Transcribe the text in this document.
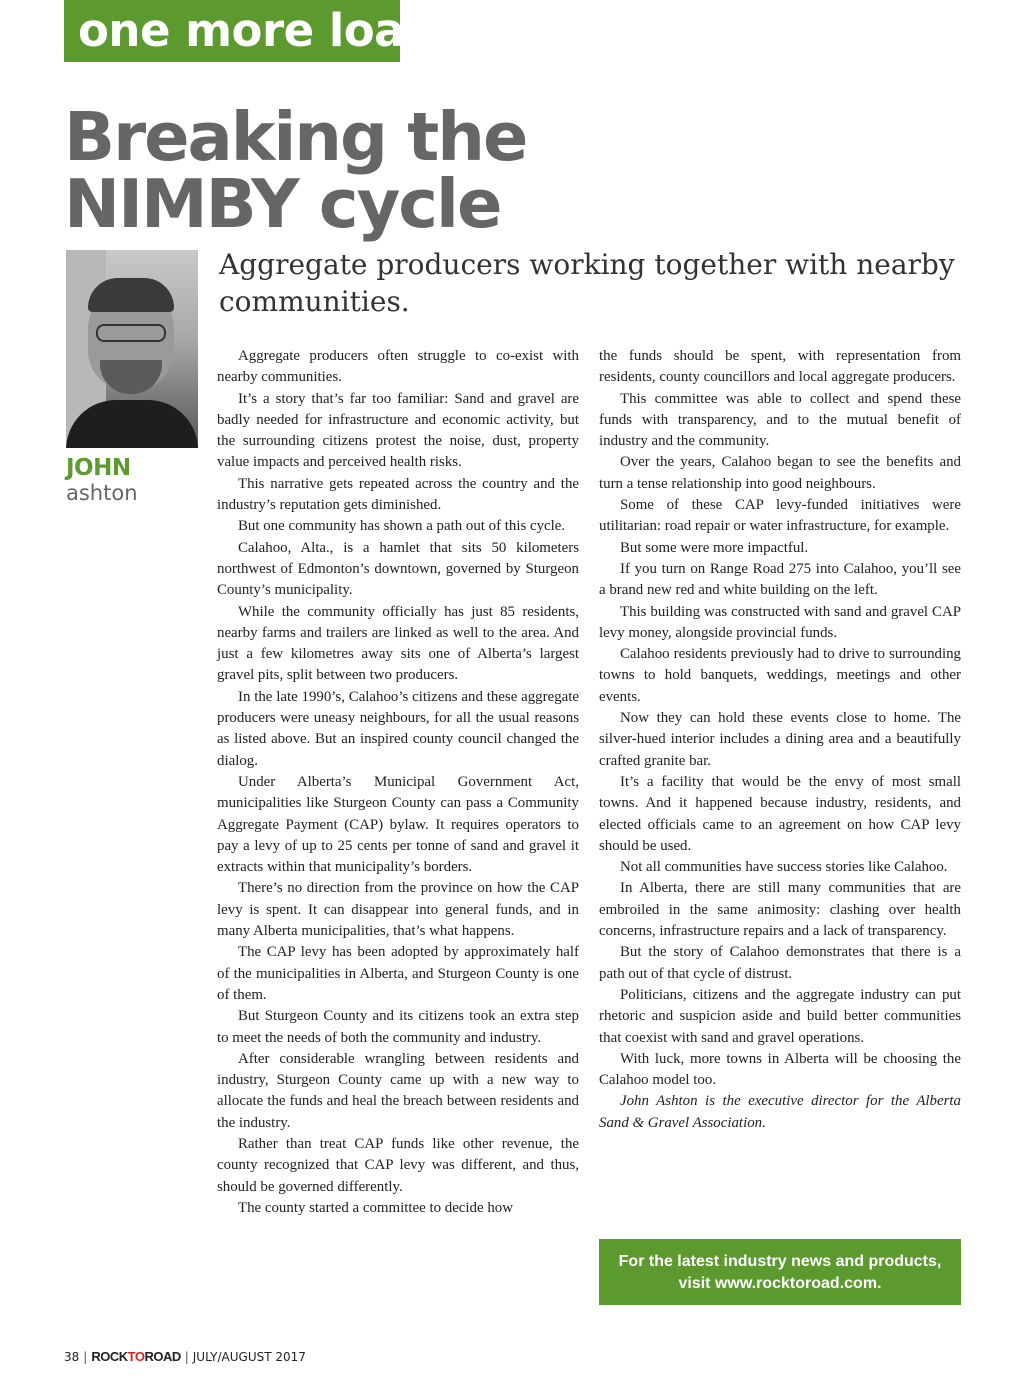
one more load
Breaking the
NIMBY cycle
Aggregate producers working together with nearby communities.
JOHN
ashton

Aggregate producers often struggle to co-exist with nearby communities.

It’s a story that’s far too familiar: Sand and gravel are badly needed for infrastructure and economic activity, but the surrounding citizens protest the noise, dust, property value impacts and perceived health risks.

This narrative gets repeated across the country and the industry’s reputation gets diminished.

But one community has shown a path out of this cycle.

Calahoo, Alta., is a hamlet that sits 50 kilometers northwest of Edmonton’s downtown, governed by Sturgeon County’s municipality.

While the community officially has just 85 residents, nearby farms and trailers are linked as well to the area. And just a few kilometres away sits one of Alberta’s largest gravel pits, split between two producers.

In the late 1990’s, Calahoo’s citizens and these aggregate producers were uneasy neighbours, for all the usual reasons as listed above. But an inspired county council changed the dialog.

Under Alberta’s Municipal Government Act, municipalities like Sturgeon County can pass a Community Aggregate Payment (CAP) bylaw. It requires operators to pay a levy of up to 25 cents per tonne of sand and gravel it extracts within that municipality’s borders.

There’s no direction from the province on how the CAP levy is spent. It can disappear into general funds, and in many Alberta municipalities, that’s what happens.

The CAP levy has been adopted by approximately half of the municipalities in Alberta, and Sturgeon County is one of them.

But Sturgeon County and its citizens took an extra step to meet the needs of both the community and industry.

After considerable wrangling between residents and industry, Sturgeon County came up with a new way to allocate the funds and heal the breach between residents and the industry.

Rather than treat CAP funds like other revenue, the county recognized that CAP levy was different, and thus, should be governed differently.

The county started a committee to decide how

the funds should be spent, with representation from residents, county councillors and local aggregate producers.

This committee was able to collect and spend these funds with transparency, and to the mutual benefit of industry and the community.

Over the years, Calahoo began to see the benefits and turn a tense relationship into good neighbours.

Some of these CAP levy-funded initiatives were utilitarian: road repair or water infrastructure, for example.

But some were more impactful.

If you turn on Range Road 275 into Calahoo, you’ll see a brand new red and white building on the left.

This building was constructed with sand and gravel CAP levy money, alongside provincial funds.

Calahoo residents previously had to drive to surrounding towns to hold banquets, weddings, meetings and other events.

Now they can hold these events close to home. The silver-hued interior includes a dining area and a beautifully crafted granite bar.

It’s a facility that would be the envy of most small towns. And it happened because industry, residents, and elected officials came to an agreement on how CAP levy should be used.

Not all communities have success stories like Calahoo.

In Alberta, there are still many communities that are embroiled in the same animosity: clashing over health concerns, infrastructure repairs and a lack of transparency.

But the story of Calahoo demonstrates that there is a path out of that cycle of distrust.

Politicians, citizens and the aggregate industry can put rhetoric and suspicion aside and build better communities that coexist with sand and gravel operations.

With luck, more towns in Alberta will be choosing the Calahoo model too.

John Ashton is the executive director for the Alberta Sand & Gravel Association.

For the latest industry news and products,
visit www.rocktoroad.com.
38 | ROCKTOROAD | JULY/AUGUST 2017
